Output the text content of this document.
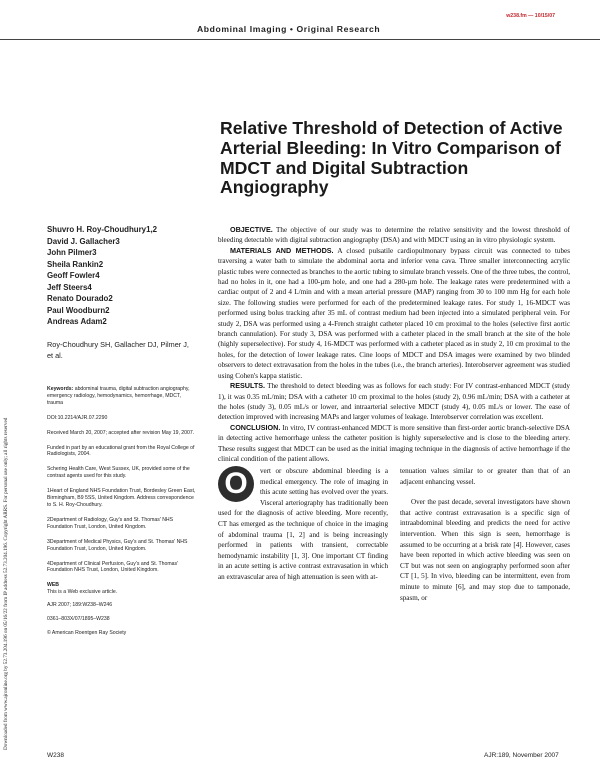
Downloaded from www.ajronline.org by 52.73.204.196 on 05/16/22 from IP address 52.73.204.196. Copyright ARRS. For personal use only; all rights reserved
w238.fm — 10/15/07
Abdominal Imaging • Original Research
Relative Threshold of Detection of Active Arterial Bleeding: In Vitro Comparison of MDCT and Digital Subtraction Angiography
Shuvro H. Roy-Choudhury1,2
David J. Gallacher3
John Pilmer3
Sheila Rankin2
Geoff Fowler4
Jeff Steers4
Renato Dourado2
Paul Woodburn2
Andreas Adam2
Roy-Choudhury SH, Gallacher DJ, Pilmer J, et al.

Keywords: abdominal trauma, digital subtraction angiography, emergency radiology, hemodynamics, hemorrhage, MDCT, trauma

DOI:10.2214/AJR.07.2290

Received March 20, 2007; accepted after revision May 19, 2007.

Funded in part by an educational grant from the Royal College of Radiologists, 2004.

Schering Health Care, West Sussex, UK, provided some of the contrast agents used for this study.

1Heart of England NHS Foundation Trust, Bordesley Green East, Birmingham, B9 5SS, United Kingdom. Address correspondence to S. H. Roy-Choudhury.

2Department of Radiology, Guy's and St. Thomas' NHS Foundation Trust, London, United Kingdom.

3Department of Medical Physics, Guy's and St. Thomas' NHS Foundation Trust, London, United Kingdom.

4Department of Clinical Perfusion, Guy's and St. Thomas' Foundation NHS Trust, London, United Kingdom.

WEB
This is a Web exclusive article.

AJR 2007; 189:W238–W246

0361–803X/07/1895–W238

© American Roentgen Ray Society

OBJECTIVE. The objective of our study was to determine the relative sensitivity and the lowest threshold of bleeding detectable with digital subtraction angiography (DSA) and with MDCT using an in vitro physiologic system.

MATERIALS AND METHODS. A closed pulsatile cardiopulmonary bypass circuit was connected to tubes traversing a water bath to simulate the abdominal aorta and inferior vena cava. Three smaller interconnecting acrylic plastic tubes were connected as branches to the aortic tubing to simulate branch vessels. One of the three tubes, the control, had no holes in it, one had a 100-µm hole, and one had a 280-µm hole. The leakage rates were predetermined with a cardiac output of 2 and 4 L/min and with a mean arterial pressure (MAP) ranging from 30 to 100 mm Hg for each hole size. The following studies were performed for each of the predetermined leakage rates. For study 1, 16-MDCT was performed using bolus tracking after 35 mL of contrast medium had been injected into a simulated peripheral vein. For study 2, DSA was performed using a 4-French straight catheter placed 10 cm proximal to the holes (selective first aortic branch cannulation). For study 3, DSA was performed with a catheter placed in the small branch at the site of the hole (highly superselective). For study 4, 16-MDCT was performed with a catheter placed as in study 2, 10 cm proximal to the holes, for the detection of lower leakage rates. Cine loops of MDCT and DSA images were examined by two blinded observers to detect extravasation from the holes in the tubes (i.e., the branch arteries). Interobserver agreement was studied using Cohen's kappa statistic.

RESULTS. The threshold to detect bleeding was as follows for each study: For IV contrast-enhanced MDCT (study 1), it was 0.35 mL/min; DSA with a catheter 10 cm proximal to the holes (study 2), 0.96 mL/min; DSA with a catheter at the holes (study 3), 0.05 mL/s or lower, and intraarterial selective MDCT (study 4), 0.05 mL/s or lower. The ease of detection improved with increasing MAPs and larger volumes of leakage. Interobserver correlation was excellent.

CONCLUSION. In vitro, IV contrast-enhanced MDCT is more sensitive than first-order aortic branch-selective DSA in detecting active hemorrhage unless the catheter position is highly superselective and is close to the bleeding artery. These results suggest that MDCT can be used as the initial imaging technique in the diagnosis of active hemorrhage if the clinical condition of the patient allows.

O	vert or obscure abdominal bleeding is a medical emergency. The role of imaging in this acute setting has evolved over the years. Visceral arteriography has traditionally been used for the diagnosis of active bleeding. More recently, CT has emerged as the technique of choice in the imaging of abdominal trauma [1, 2] and is being increasingly performed in patients with transient, correctable hemodynamic instability [1, 3]. One important CT finding in an acute setting is active contrast extravasation in which an extravascular area of high attenuation is seen with at-

tenuation values similar to or greater than that of an adjacent enhancing vessel.

Over the past decade, several investigators have shown that active contrast extravasation is a specific sign of intraabdominal bleeding and predicts the need for active intervention. When this sign is seen, hemorrhage is assumed to be occurring at a brisk rate [4]. However, cases have been reported in which active bleeding was seen on CT but was not seen on angiography performed soon after CT [1, 5]. In vivo, bleeding can be intermittent, even from minute to minute [6], and may stop due to tamponade, spasm, or

W238	AJR:189, November 2007
